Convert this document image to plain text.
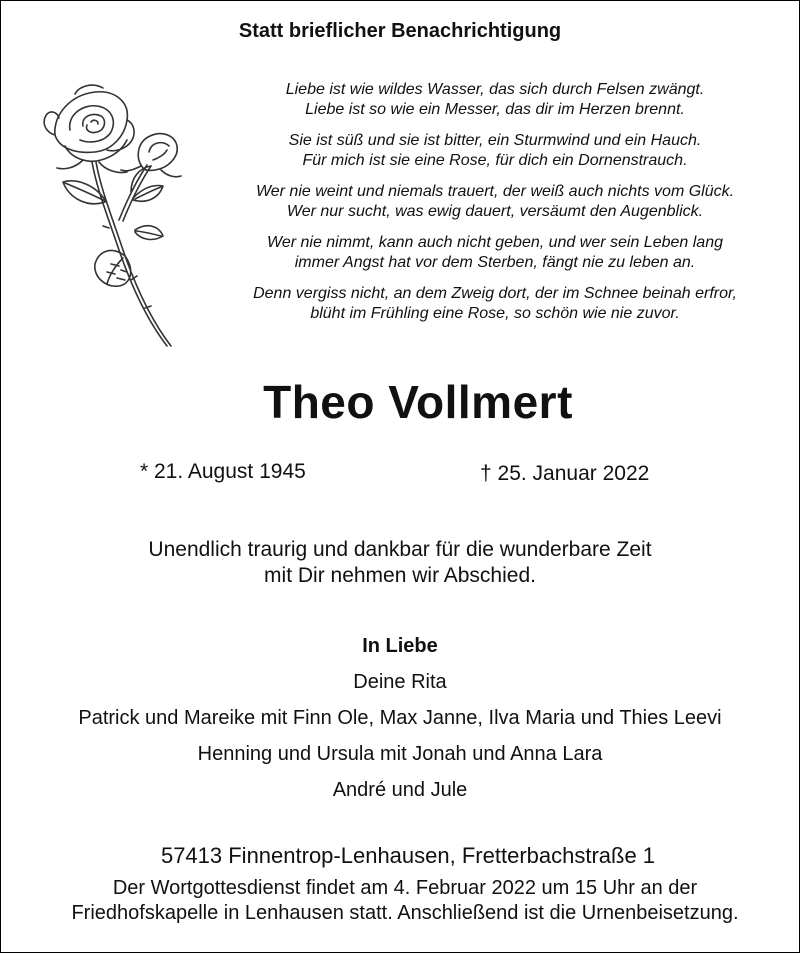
Statt brieflicher Benachrichtigung
Liebe ist wie wildes Wasser, das sich durch Felsen zwängt.
Liebe ist so wie ein Messer, das dir im Herzen brennt.
Sie ist süß und sie ist bitter, ein Sturmwind und ein Hauch.
Für mich ist sie eine Rose, für dich ein Dornenstrauch.
Wer nie weint und niemals trauert, der weiß auch nichts vom Glück.
Wer nur sucht, was ewig dauert, versäumt den Augenblick.
Wer nie nimmt, kann auch nicht geben, und wer sein Leben lang
immer Angst hat vor dem Sterben, fängt nie zu leben an.
Denn vergiss nicht, an dem Zweig dort, der im Schnee beinah erfror,
blüht im Frühling eine Rose, so schön wie nie zuvor.
Theo Vollmert
* 21. August 1945	† 25. Januar 2022
Unendlich traurig und dankbar für die wunderbare Zeit
mit Dir nehmen wir Abschied.
In Liebe
Deine Rita
Patrick und Mareike mit Finn Ole, Max Janne, Ilva Maria und Thies Leevi
Henning und Ursula mit Jonah und Anna Lara
André und Jule
57413 Finnentrop-Lenhausen, Fretterbachstraße 1
Der Wortgottesdienst findet am 4. Februar 2022 um 15 Uhr an der
Friedhofskapelle in Lenhausen statt. Anschließend ist die Urnenbeisetzung.
